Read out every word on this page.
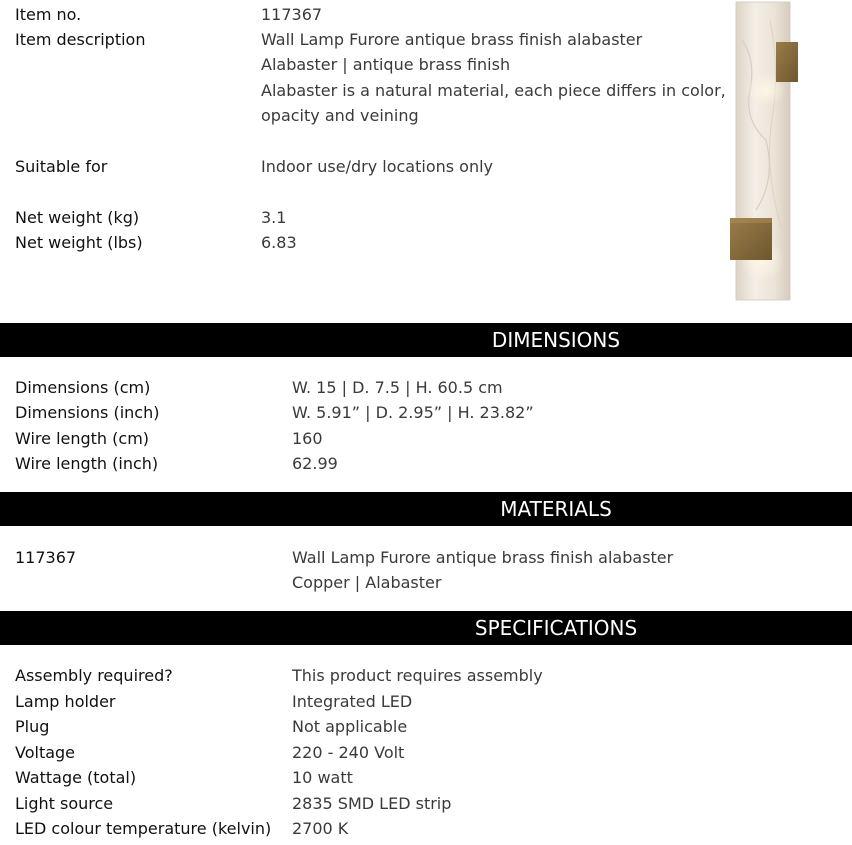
Item no.	117367
Item description	Wall Lamp Furore antique brass finish alabaster
Alabaster | antique brass finish
Alabaster is a natural material, each piece differs in color,
opacity and veining
Suitable for	Indoor use/dry locations only
Net weight (kg)	3.1
Net weight (lbs)	6.83
DIMENSIONS
Dimensions (cm)	W. 15 | D. 7.5 | H. 60.5 cm
Dimensions (inch)	W. 5.91” | D. 2.95” | H. 23.82”
Wire length (cm)	160
Wire length (inch)	62.99
MATERIALS
117367	Wall Lamp Furore antique brass finish alabaster
Copper | Alabaster
SPECIFICATIONS
Assembly required?	This product requires assembly
Lamp holder	Integrated LED
Plug	Not applicable
Voltage	220 - 240 Volt
Wattage (total)	10 watt
Light source	2835 SMD LED strip
LED colour temperature (kelvin) 2700 K
